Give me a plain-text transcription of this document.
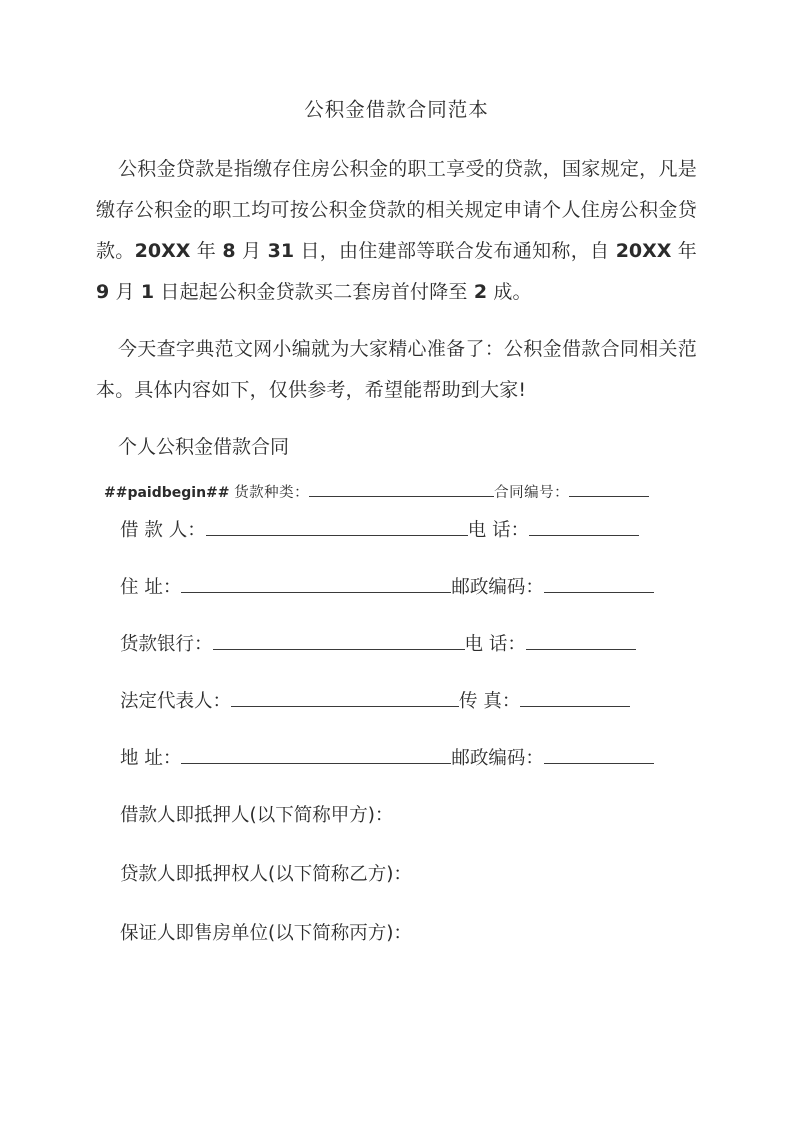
公积金借款合同范本

公积金贷款是指缴存住房公积金的职工享受的贷款，国家规定，凡是缴存公积金的职工均可按公积金贷款的相关规定申请个人住房公积金贷款。20XX 年 8 月 31 日，由住建部等联合发布通知称，自 20XX 年 9 月 1 日起起公积金贷款买二套房首付降至 2 成。

今天查字典范文网小编就为大家精心准备了：公积金借款合同相关范本。具体内容如下，仅供参考，希望能帮助到大家!

个人公积金借款合同

##paidbegin## 货款种类：	合同编号：
借 款 人：	电 话：
住 址：	邮政编码：
货款银行：	电 话：
法定代表人：	传 真：
地 址：	邮政编码：
借款人即抵押人(以下简称甲方)：
贷款人即抵押权人(以下简称乙方)：
保证人即售房单位(以下简称丙方)：
